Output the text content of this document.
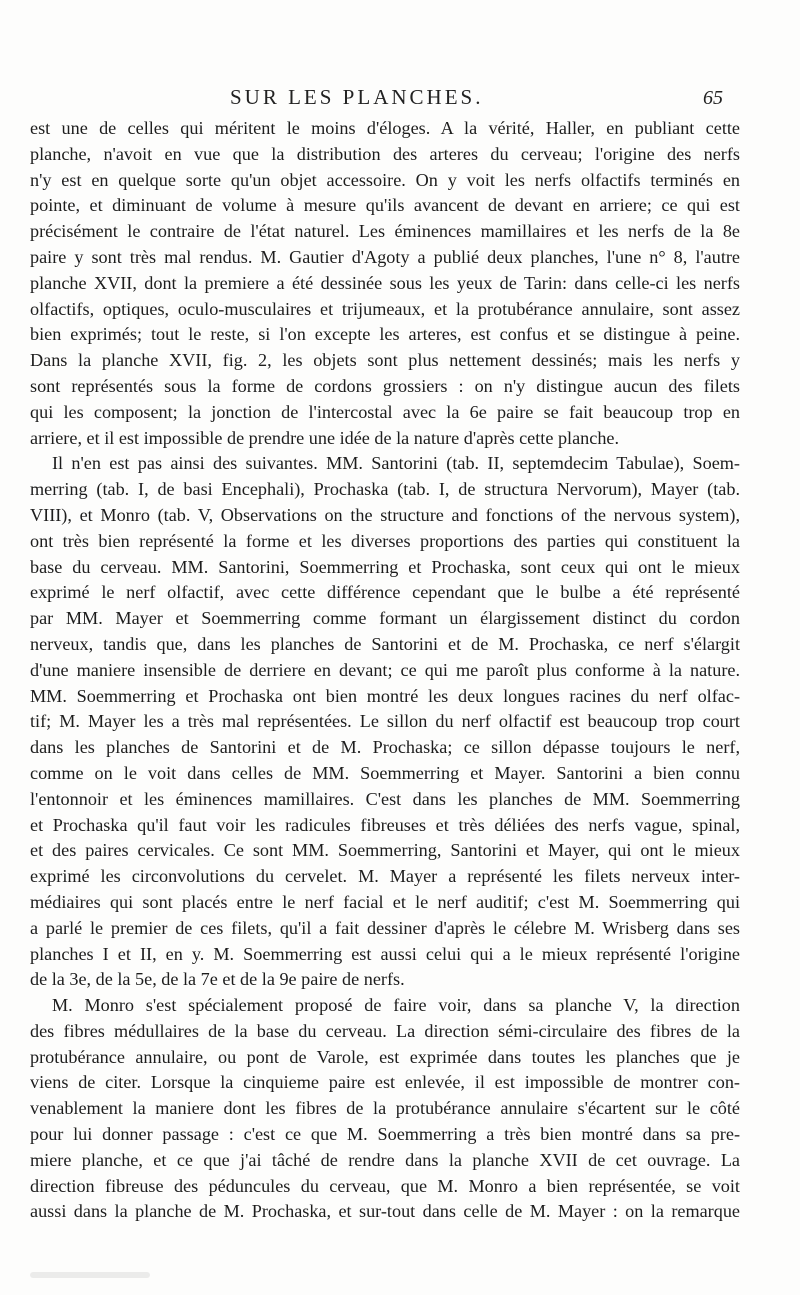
SUR LES PLANCHES.	65
est une de celles qui méritent le moins d'éloges. A la vérité, Haller, en publiant cette
planche, n'avoit en vue que la distribution des arteres du cerveau; l'origine des nerfs
n'y est en quelque sorte qu'un objet accessoire. On y voit les nerfs olfactifs terminés en
pointe, et diminuant de volume à mesure qu'ils avancent de devant en arriere; ce qui est
précisément le contraire de l'état naturel. Les éminences mamillaires et les nerfs de la 8e
paire y sont très mal rendus. M. Gautier d'Agoty a publié deux planches, l'une n° 8, l'autre
planche XVII, dont la premiere a été dessinée sous les yeux de Tarin: dans celle-ci les nerfs
olfactifs, optiques, oculo-musculaires et trijumeaux, et la protubérance annulaire, sont assez
bien exprimés; tout le reste, si l'on excepte les arteres, est confus et se distingue à peine.
Dans la planche XVII, fig. 2, les objets sont plus nettement dessinés; mais les nerfs y
sont représentés sous la forme de cordons grossiers : on n'y distingue aucun des filets
qui les composent; la jonction de l'intercostal avec la 6e paire se fait beaucoup trop en
arriere, et il est impossible de prendre une idée de la nature d'après cette planche.
Il n'en est pas ainsi des suivantes. MM. Santorini (tab. II, septemdecim Tabulae), Soem-
merring (tab. I, de basi Encephali), Prochaska (tab. I, de structura Nervorum), Mayer (tab.
VIII), et Monro (tab. V, Observations on the structure and fonctions of the nervous system),
ont très bien représenté la forme et les diverses proportions des parties qui constituent la
base du cerveau. MM. Santorini, Soemmerring et Prochaska, sont ceux qui ont le mieux
exprimé le nerf olfactif, avec cette différence cependant que le bulbe a été représenté
par MM. Mayer et Soemmerring comme formant un élargissement distinct du cordon
nerveux, tandis que, dans les planches de Santorini et de M. Prochaska, ce nerf s'élargit
d'une maniere insensible de derriere en devant; ce qui me paroît plus conforme à la nature.
MM. Soemmerring et Prochaska ont bien montré les deux longues racines du nerf olfac-
tif; M. Mayer les a très mal représentées. Le sillon du nerf olfactif est beaucoup trop court
dans les planches de Santorini et de M. Prochaska; ce sillon dépasse toujours le nerf,
comme on le voit dans celles de MM. Soemmerring et Mayer. Santorini a bien connu
l'entonnoir et les éminences mamillaires. C'est dans les planches de MM. Soemmerring
et Prochaska qu'il faut voir les radicules fibreuses et très déliées des nerfs vague, spinal,
et des paires cervicales. Ce sont MM. Soemmerring, Santorini et Mayer, qui ont le mieux
exprimé les circonvolutions du cervelet. M. Mayer a représenté les filets nerveux inter-
médiaires qui sont placés entre le nerf facial et le nerf auditif; c'est M. Soemmerring qui
a parlé le premier de ces filets, qu'il a fait dessiner d'après le célebre M. Wrisberg dans ses
planches I et II, en y. M. Soemmerring est aussi celui qui a le mieux représenté l'origine
de la 3e, de la 5e, de la 7e et de la 9e paire de nerfs.
M. Monro s'est spécialement proposé de faire voir, dans sa planche V, la direction
des fibres médullaires de la base du cerveau. La direction sémi-circulaire des fibres de la
protubérance annulaire, ou pont de Varole, est exprimée dans toutes les planches que je
viens de citer. Lorsque la cinquieme paire est enlevée, il est impossible de montrer con-
venablement la maniere dont les fibres de la protubérance annulaire s'écartent sur le côté
pour lui donner passage : c'est ce que M. Soemmerring a très bien montré dans sa pre-
miere planche, et ce que j'ai tâché de rendre dans la planche XVII de cet ouvrage. La
direction fibreuse des péduncules du cerveau, que M. Monro a bien représentée, se voit
aussi dans la planche de M. Prochaska, et sur-tout dans celle de M. Mayer : on la remarque
